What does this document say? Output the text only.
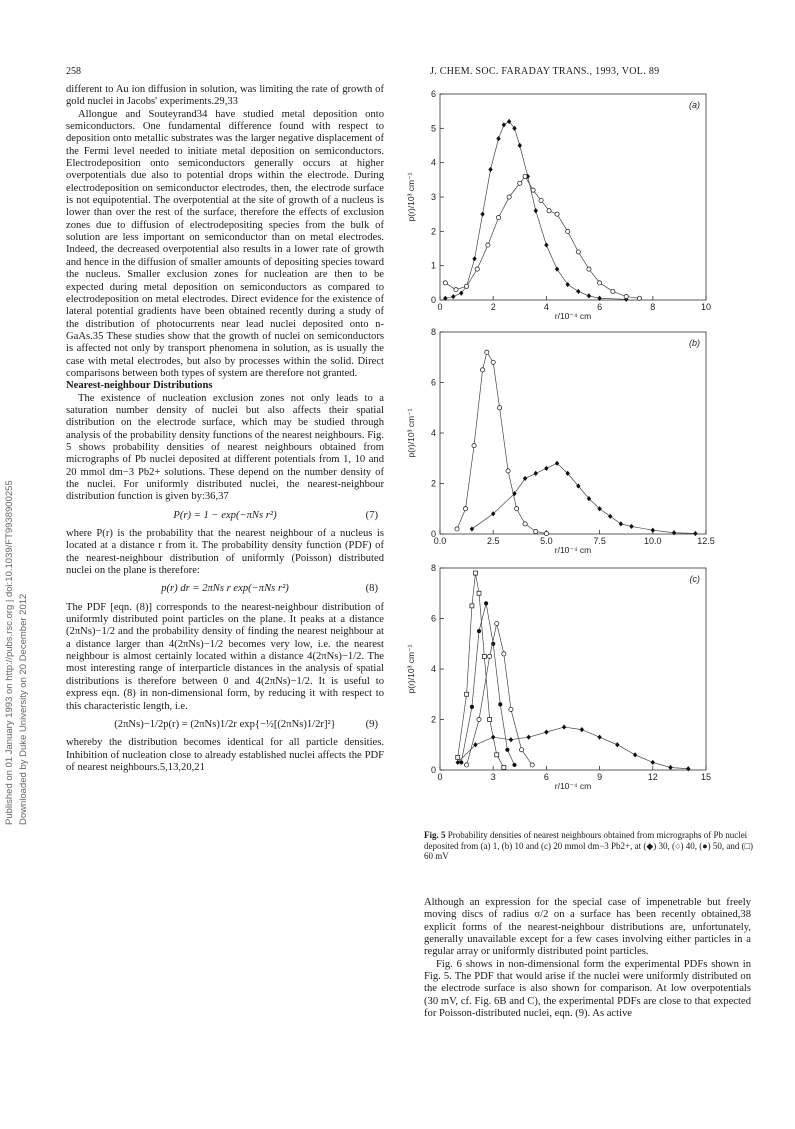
258	J. CHEM. SOC. FARADAY TRANS., 1993, VOL. 89
Published on 01 January 1993 on http://pubs.rsc.org | doi:10.1039/FT9938900255 Downloaded by Duke University on 20 December 2012

different to Au ion diffusion in solution, was limiting the rate of growth of gold nuclei in Jacobs' experiments.29,33

Allongue and Souteyrand34 have studied metal deposition onto semiconductors. One fundamental difference found with respect to deposition onto metallic substrates was the larger negative displacement of the Fermi level needed to initiate metal deposition on semiconductors. Electrodeposition onto semiconductors generally occurs at higher overpotentials due also to potential drops within the electrode. During electrodeposition on semiconductor electrodes, then, the electrode surface is not equipotential. The overpotential at the site of growth of a nucleus is lower than over the rest of the surface, therefore the effects of exclusion zones due to diffusion of electrodepositing species from the bulk of solution are less important on semiconductor than on metal electrodes. Indeed, the decreased overpotential also results in a lower rate of growth and hence in the diffusion of smaller amounts of depositing species toward the nucleus. Smaller exclusion zones for nucleation are then to be expected during metal deposition on semiconductors as compared to electrodeposition on metal electrodes. Direct evidence for the existence of lateral potential gradients have been obtained recently during a study of the distribution of photocurrents near lead nuclei deposited onto n-GaAs.35 These studies show that the growth of nuclei on semiconductors is affected not only by transport phenomena in solution, as is usually the case with metal electrodes, but also by processes within the solid. Direct comparisons between both types of system are therefore not granted.

Nearest-neighbour Distributions

The existence of nucleation exclusion zones not only leads to a saturation number density of nuclei but also affects their spatial distribution on the electrode surface, which may be studied through analysis of the probability density functions of the nearest neighbours. Fig. 5 shows probability densities of nearest neighbours obtained from micrographs of Pb nuclei deposited at different potentials from 1, 10 and 20 mmol dm−3 Pb2+ solutions. These depend on the number density of the nuclei. For uniformly distributed nuclei, the nearest-neighbour distribution function is given by:36,37

P(r) = 1 − exp(−πNs r²)	(7)

where P(r) is the probability that the nearest neighbour of a nucleus is located at a distance r from it. The probability density function (PDF) of the nearest-neighbour distribution of uniformly (Poisson) distributed nuclei on the plane is therefore:

p(r) dr = 2πNs r exp(−πNs r²)	(8)

The PDF [eqn. (8)] corresponds to the nearest-neighbour distribution of uniformly distributed point particles on the plane. It peaks at a distance (2πNs)−1/2 and the probability density of finding the nearest neighbour at a distance larger than 4(2πNs)−1/2 becomes very low, i.e. the nearest neighbour is almost certainly located within a distance 4(2πNs)−1/2. The most interesting range of interparticle distances in the analysis of spatial distributions is therefore between 0 and 4(2πNs)−1/2. It is useful to express eqn. (8) in non-dimensional form, by reducing it with respect to this characteristic length, i.e.

(2πNs)−1/2p(r) = (2πNs)1/2r exp{−½[(2πNs)1/2r]²}	(9)

whereby the distribution becomes identical for all particle densities. Inhibition of nucleation close to already established nuclei affects the PDF of nearest neighbours.5,13,20,21

0	2	4	6	8	10
0
1
2
3
4
5
6
r/10⁻⁴ cm
p(r)/10³ cm⁻¹
(a)
0.0	2.5	5.0	7.5	10.0	12.5
0
2
4
6
8
r/10⁻⁴ cm
p(r)/10³ cm⁻¹
(b)
0	3	6	9	12	15
0
2
4
6
8
r/10⁻⁴ cm
p(r)/10³ cm⁻¹
(c)
Fig. 5 Probability densities of nearest neighbours obtained from micrographs of Pb nuclei deposited from (a) 1, (b) 10 and (c) 20 mmol dm−3 Pb2+, at (◆) 30, (○) 40, (●) 50, and (□) 60 mV

Although an expression for the special case of impenetrable but freely moving discs of radius σ/2 on a surface has been recently obtained,38 explicit forms of the nearest-neighbour distributions are, unfortunately, generally unavailable except for a few cases involving either particles in a regular array or uniformly distributed point particles.

Fig. 6 shows in non-dimensional form the experimental PDFs shown in Fig. 5. The PDF that would arise if the nuclei were uniformly distributed on the electrode surface is also shown for comparison. At low overpotentials (30 mV, cf. Fig. 6B and C), the experimental PDFs are close to that expected for Poisson-distributed nuclei, eqn. (9). As active
